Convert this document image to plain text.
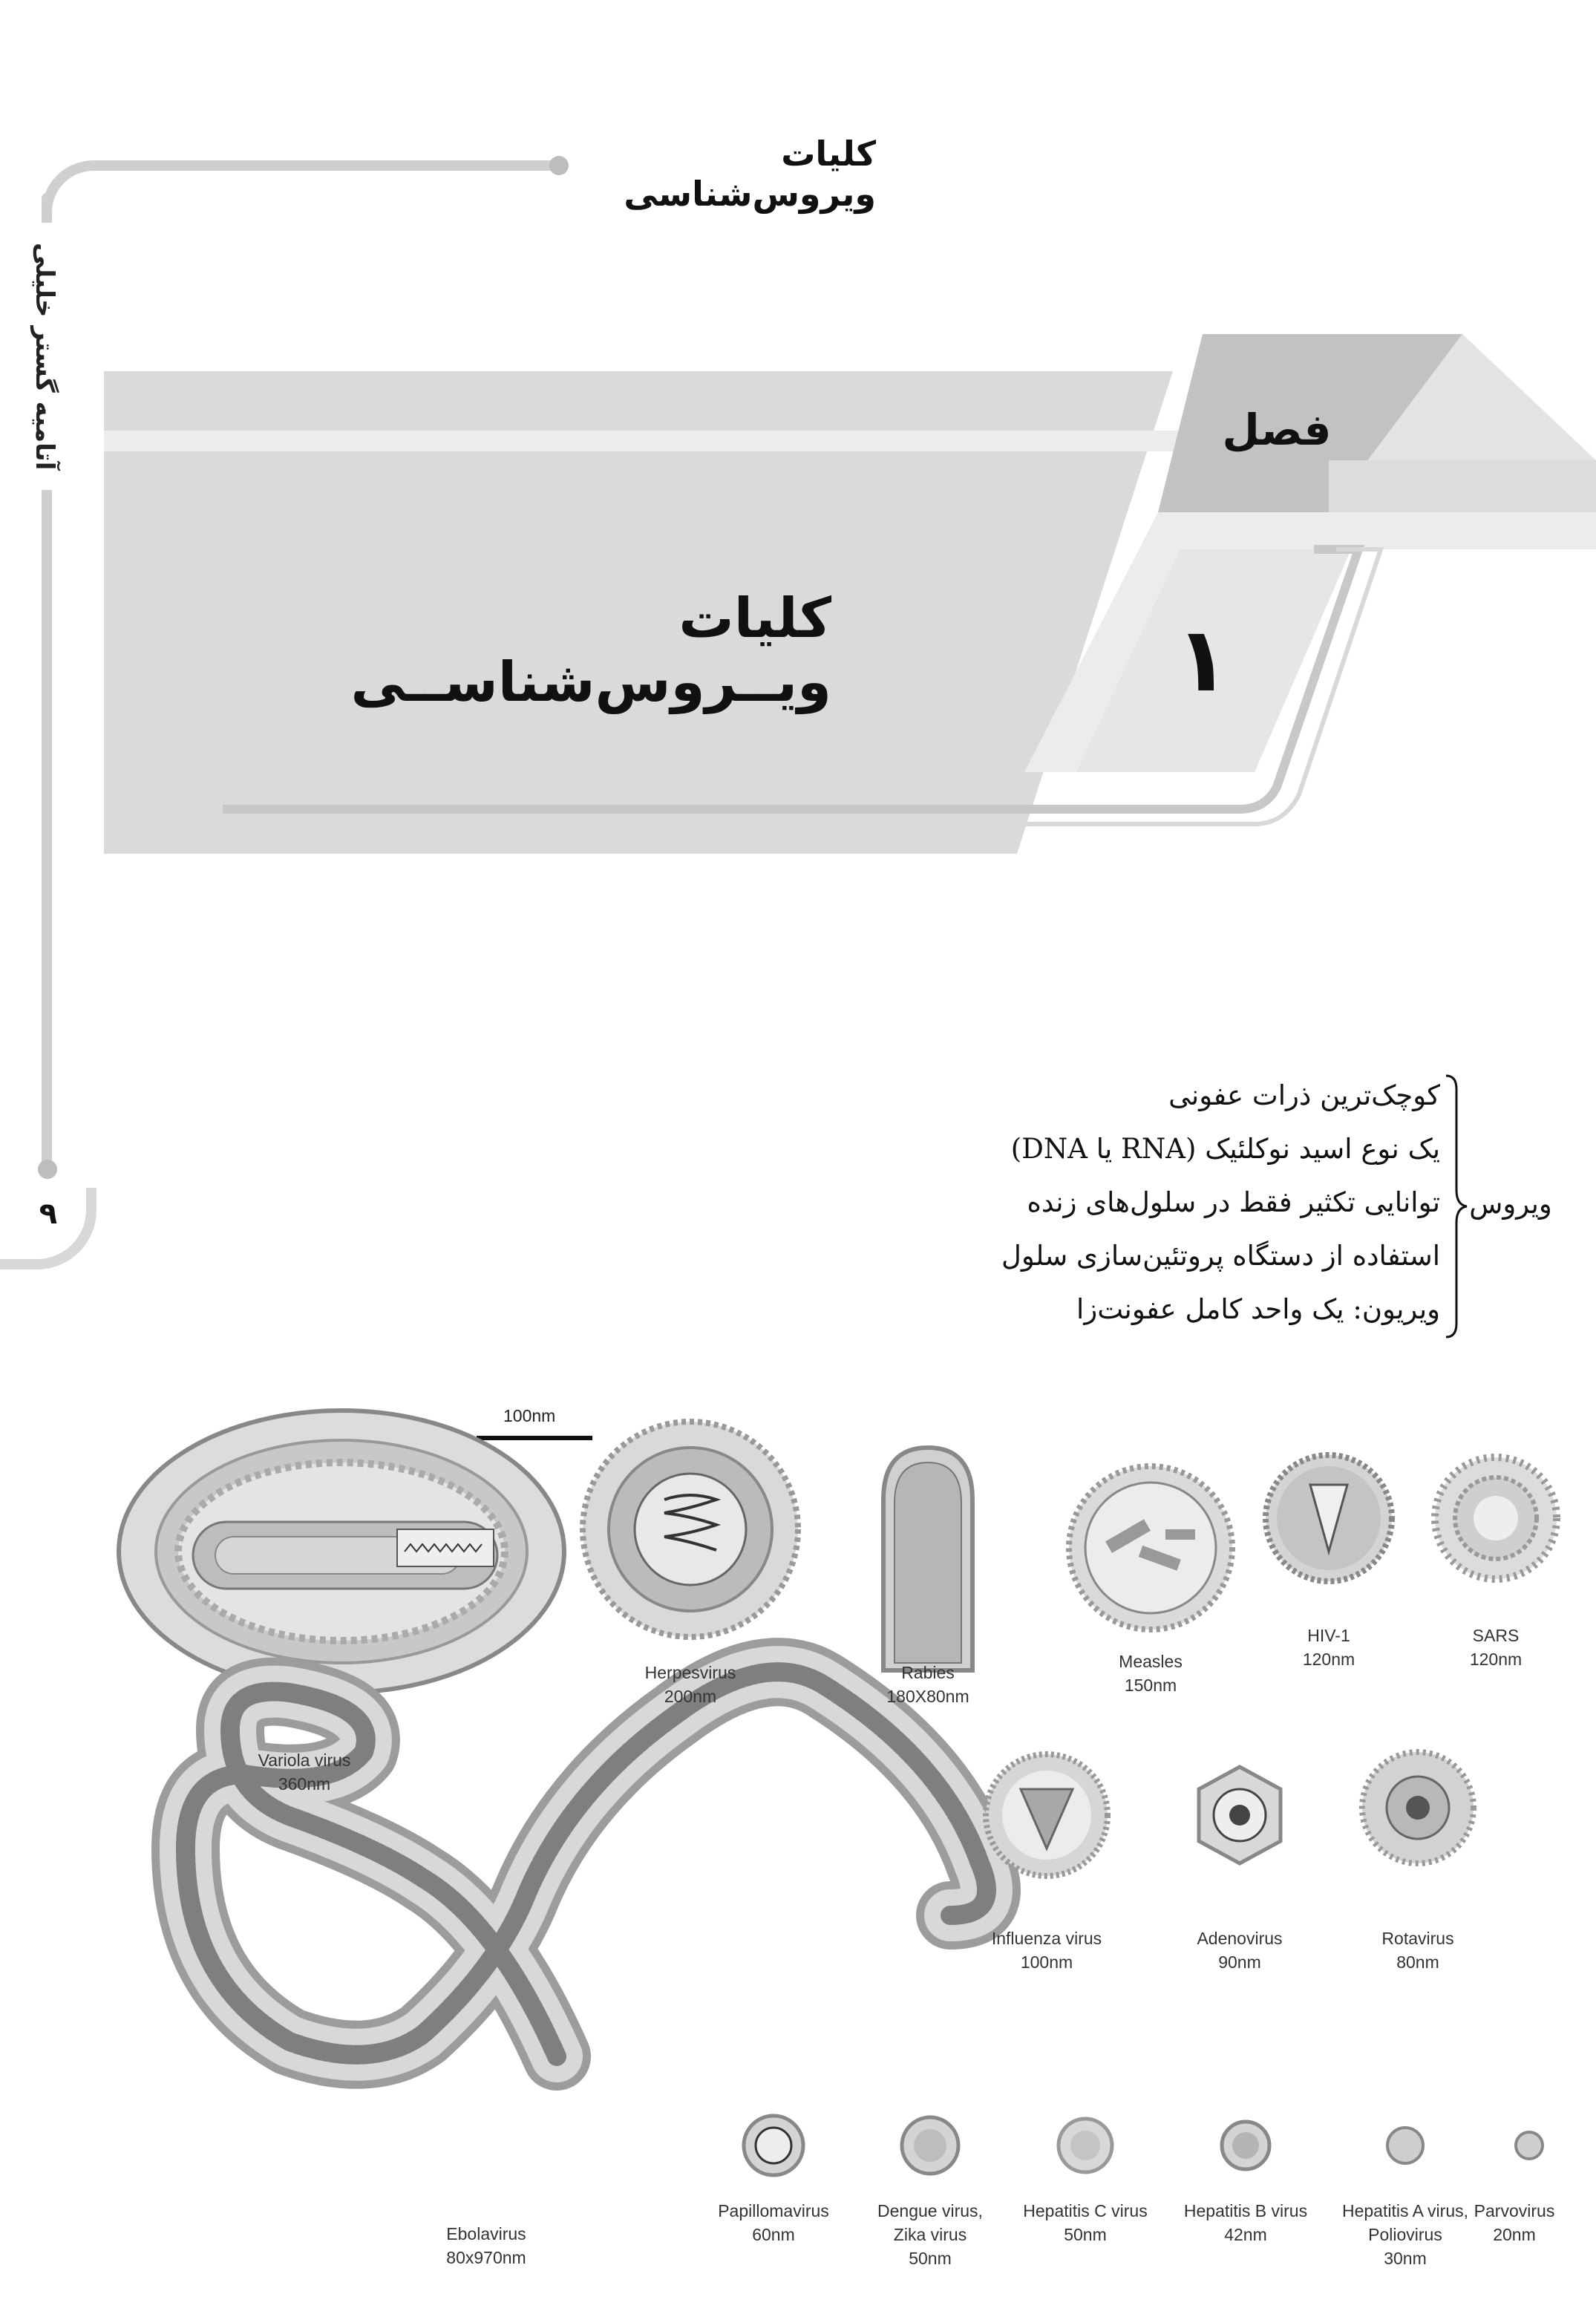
کلیات ویروس‌شناسی
آتامیه گستر خلیلی
۹
فصل
۱
کلیات ویــروس‌شناســی
کوچک‌ترین ذرات عفونی
یک نوع اسید نوکلئیک (RNA یا DNA)
توانایی تکثیر فقط در سلول‌های زنده
استفاده از دستگاه پروتئین‌سازی سلول
ویریون: یک واحد کامل عفونت‌زا
ویروس
100nm
Variola virus
360nm
Herpesvirus
200nm
Rabies
180X80nm
Measles
150nm
HIV-1
120nm
SARS
120nm
Influenza virus
100nm
Adenovirus
90nm
Rotavirus
80nm
Ebolavirus
80x970nm
Papillomavirus
60nm
Dengue virus,
Zika virus
50nm
Hepatitis C virus
50nm
Hepatitis B virus
42nm
Hepatitis A virus,
Poliovirus
30nm
Parvovirus
20nm
